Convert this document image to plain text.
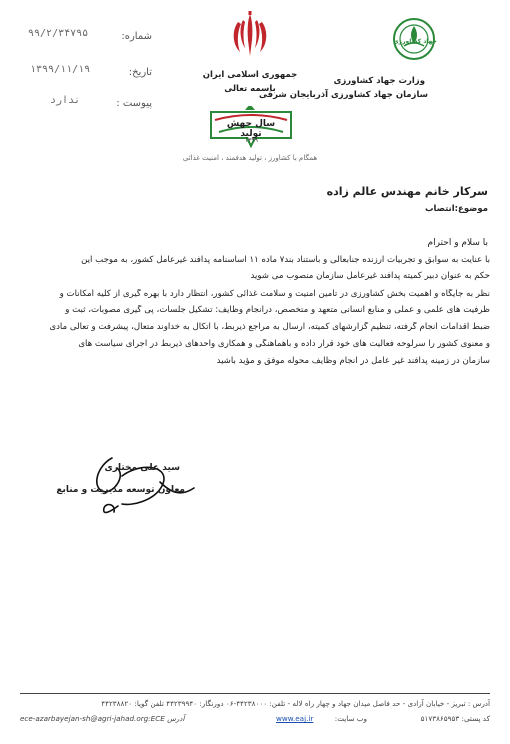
شماره:
۹۹/۲/۳۴۷۹۵
تاریخ:
۱۳۹۹/۱۱/۱۹
پیوست :
ندارد
جمهوری اسلامی ایران
باسمه تعالی
سال جهش تولید
۱۳۹۹
همگام با کشاورز ، تولید هدفمند ، امنیت غذائی
جهاد کشاورزی
وزارت جهاد کشاورزی
سازمان جهاد کشاورزی آذربایجان شرقی
سرکار خانم مهندس عالم زاده
موضوع:انتصاب
با سلام و احترام
با عنایت به سوابق و تجربیات ارزنده جنابعالی و باستناد بند۷ ماده ۱۱ اساسنامه پدافند غیرعامل کشور، به موجب این
حکم به عنوان دبیر کمیته پدافند غیرعامل سازمان منصوب می شوید
نظر به جایگاه و اهمیت بخش کشاورزی در تأمین امنیت و سلامت غذائی کشور، انتظار دارد با بهره گیری از کلیه امکانات و
ظرفیت های علمی و عملی و منابع انسانی متعهد و متخصص، درانجام وظایف: تشکیل جلسات، پی گیری مصوبات، ثبت و
ضبط اقدامات انجام گرفته، تنظیم گزارشهای کمیته، ارسال به مراجع ذیربط، با اتکال به خداوند متعال، پیشرفت و تعالی مادی
و معنوی کشور را سرلوحه فعالیت های خود قرار داده و باهماهنگی و همکاری واحدهای ذیربط در اجرای سیاست های
سازمان در زمینه پدافند غیر عامل در انجام وظایف محوله موفق و مؤید باشید
سید علی مختاری
معاون توسعه مدیریت و منابع
آدرس : تبریز - خیابان آزادی - حد فاصل میدان جهاد و چهار راه لاله - تلفن: ۴۴۲۳۸۰۰۰-۰۶ دورنگار: ۴۴۲۳۹۹۴۰ تلفن گویا: ۴۴۲۳۸۸۲۰
ece-azarbayejan-sh@agri-jahad.org:ECE آدرس	www.eaj.ir	وب سایت:	کد پستی: ۵۱۷۳۸۶۵۹۵۳
